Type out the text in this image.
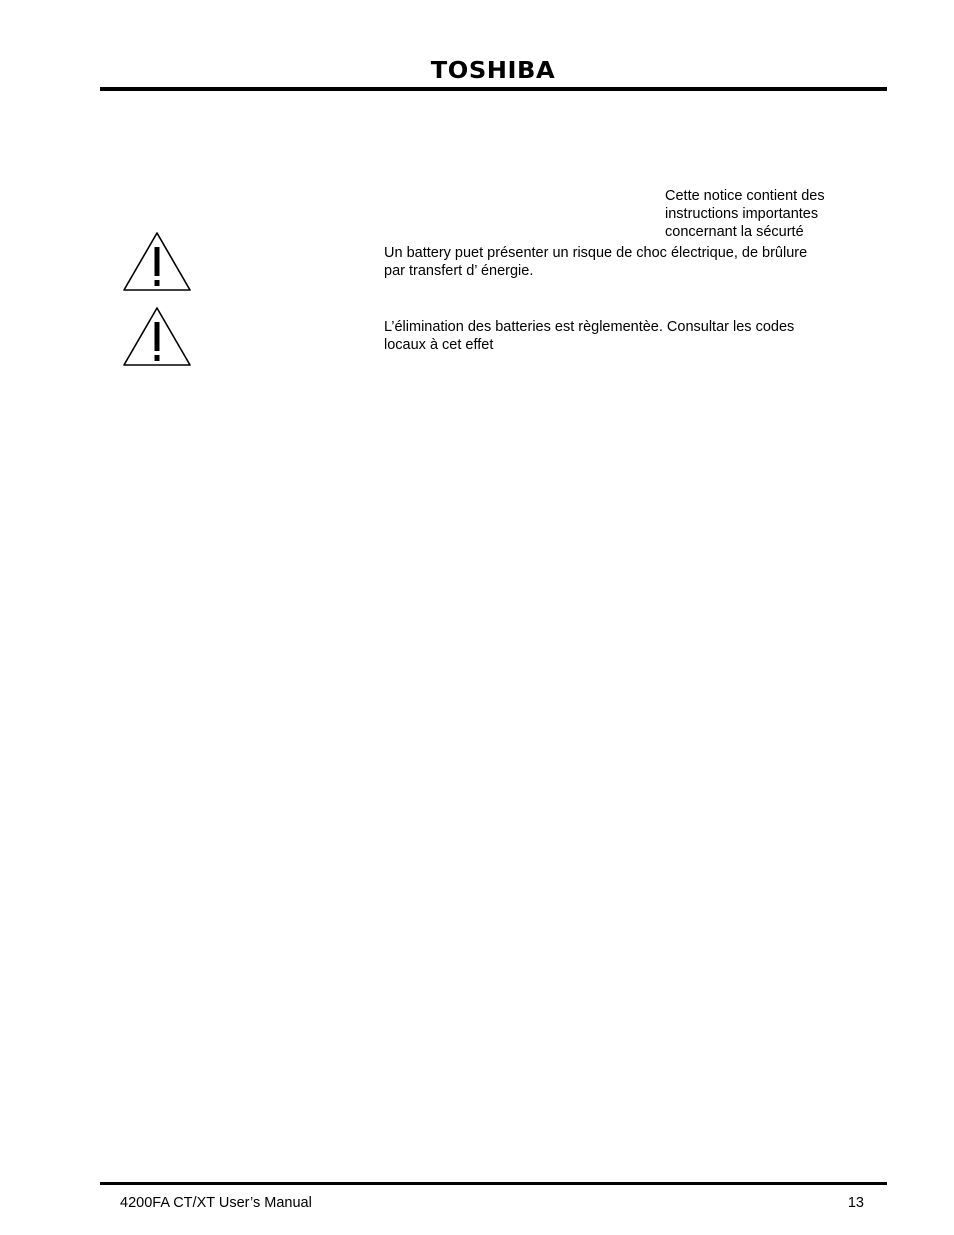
TOSHIBA
Cette notice contient des
instructions importantes
concernant la sécurté
Un battery puet présenter un risque de choc électrique, de brûlure
par transfert d’ énergie.
L’élimination des batteries est règlementèe. Consultar les codes
locaux à cet effet
4200FA CT/XT User’s Manual	13
